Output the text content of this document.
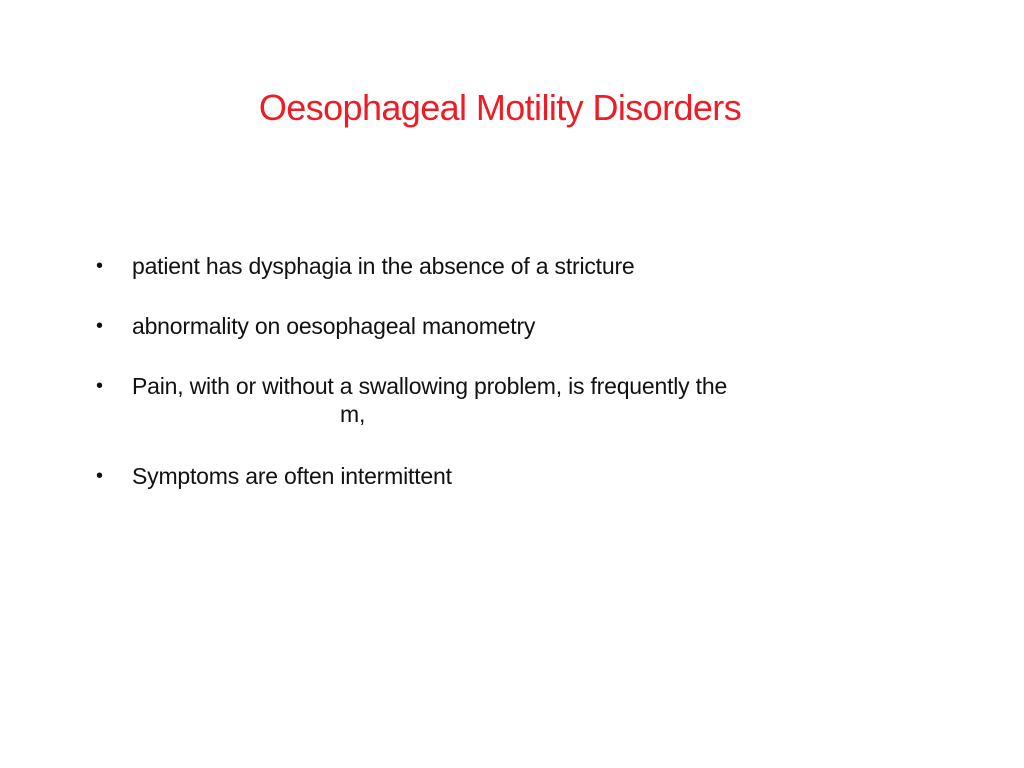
Oesophageal Motility Disorders
•	patient has dysphagia in the absence of a stricture
•	abnormality on oesophageal manometry
•	Pain, with or without a swallowing problem, is frequently the
m,
•	Symptoms are often intermittent
